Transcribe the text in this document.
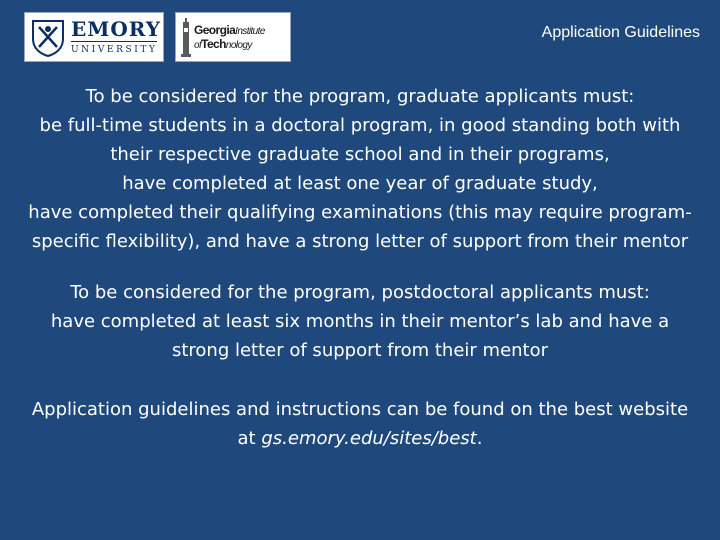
EMORY
UNIVERSITY
GeorgiaInstitute
ofTechnology
Application Guidelines

To be considered for the program, graduate applicants must:

be full-time students in a doctoral program, in good standing both with their respective graduate school and in their programs,

have completed at least one year of graduate study,

have completed their qualifying examinations (this may require program-specific flexibility), and have a strong letter of support from their mentor

To be considered for the program, postdoctoral applicants must:

have completed at least six months in their mentor’s lab and have a strong letter of support from their mentor

Application guidelines and instructions can be found on the best website at gs.emory.edu/sites/best.
